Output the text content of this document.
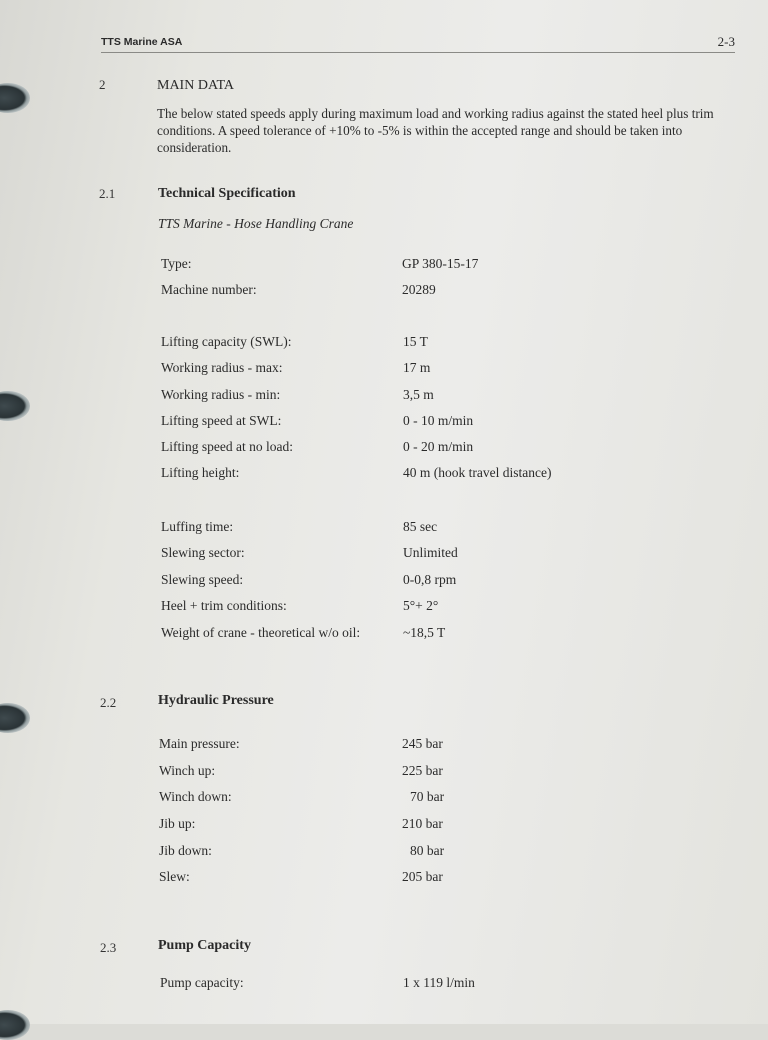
TTS Marine ASA	2-3
2	MAIN DATA

The below stated speeds apply during maximum load and working radius against the stated heel plus trim conditions. A speed tolerance of +10% to -5% is within the accepted range and should be taken into consideration.

2.1	Technical Specification
TTS Marine - Hose Handling Crane
Type:	GP 380-15-17
Machine number:	20289
Lifting capacity (SWL):	15 T
Working radius - max:	17 m
Working radius - min:	3,5 m
Lifting speed at SWL:	0 - 10 m/min
Lifting speed at no load:	0 - 20 m/min
Lifting height:	40 m (hook travel distance)
Luffing time:	85 sec
Slewing sector:	Unlimited
Slewing speed:	0-0,8 rpm
Heel + trim conditions:	5°+ 2°
Weight of crane - theoretical w/o oil:	~18,5 T
2.2	Hydraulic Pressure
Main pressure:	245 bar
Winch up:	225 bar
Winch down:	70 bar
Jib up:	210 bar
Jib down:	80 bar
Slew:	205 bar
2.3	Pump Capacity
Pump capacity:	1 x 119 l/min
